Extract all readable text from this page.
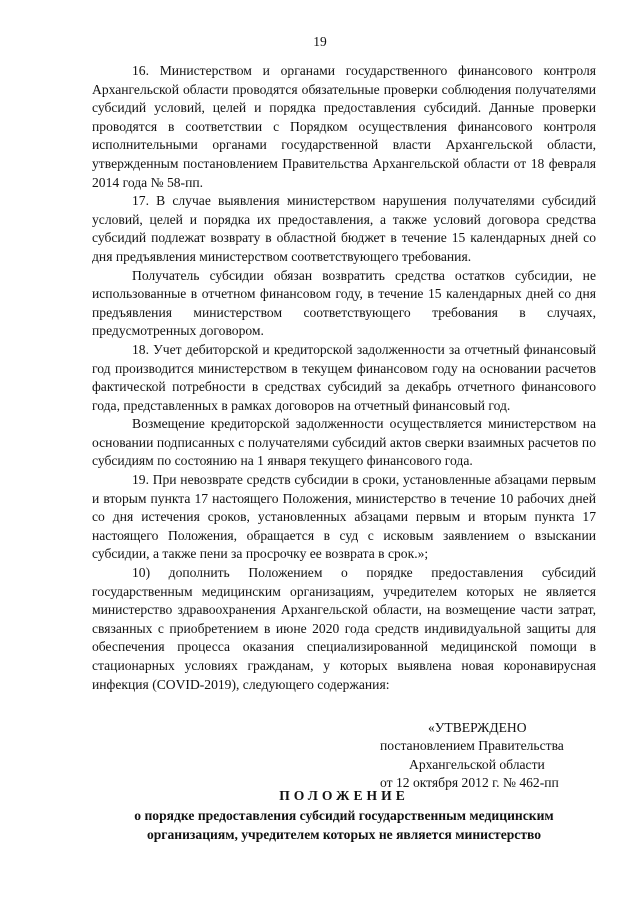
19

16. Министерством и органами государственного финансового контроля Архангельской области проводятся обязательные проверки соблюдения получателями субсидий условий, целей и порядка предоставления субсидий. Данные проверки проводятся в соответствии с Порядком осуществления финансового контроля исполнительными органами государственной власти Архангельской области, утвержденным постановлением Правительства Архангельской области от 18 февраля 2014 года № 58-пп.

17. В случае выявления министерством нарушения получателями субсидий условий, целей и порядка их предоставления, а также условий договора средства субсидий подлежат возврату в областной бюджет в течение 15 календарных дней со дня предъявления министерством соответствующего требования.

Получатель субсидии обязан возвратить средства остатков субсидии, не использованные в отчетном финансовом году, в течение 15 календарных дней со дня предъявления министерством соответствующего требования в случаях, предусмотренных договором.

18. Учет дебиторской и кредиторской задолженности за отчетный финансовый год производится министерством в текущем финансовом году на основании расчетов фактической потребности в средствах субсидий за декабрь отчетного финансового года, представленных в рамках договоров на отчетный финансовый год.

Возмещение кредиторской задолженности осуществляется министерством на основании подписанных с получателями субсидий актов сверки взаимных расчетов по субсидиям по состоянию на 1 января текущего финансового года.

19. При невозврате средств субсидии в сроки, установленные абзацами первым и вторым пункта 17 настоящего Положения, министерство в течение 10 рабочих дней со дня истечения сроков, установленных абзацами первым и вторым пункта 17 настоящего Положения, обращается в суд с исковым заявлением о взыскании субсидии, а также пени за просрочку ее возврата в срок.»;

10) дополнить Положением о порядке предоставления субсидий государственным медицинским организациям, учредителем которых не является министерство здравоохранения Архангельской области, на возмещение части затрат, связанных с приобретением в июне 2020 года средств индивидуальной защиты для обеспечения процесса оказания специализированной медицинской помощи в стационарных условиях гражданам, у которых выявлена новая коронавирусная инфекция (COVID-2019), следующего содержания:

«УТВЕРЖДЕНО
постановлением Правительства
Архангельской области
от 12 октября 2012 г. № 462-пп
ПОЛОЖЕНИЕ
о порядке предоставления субсидий государственным медицинским
организациям, учредителем которых не является министерство
